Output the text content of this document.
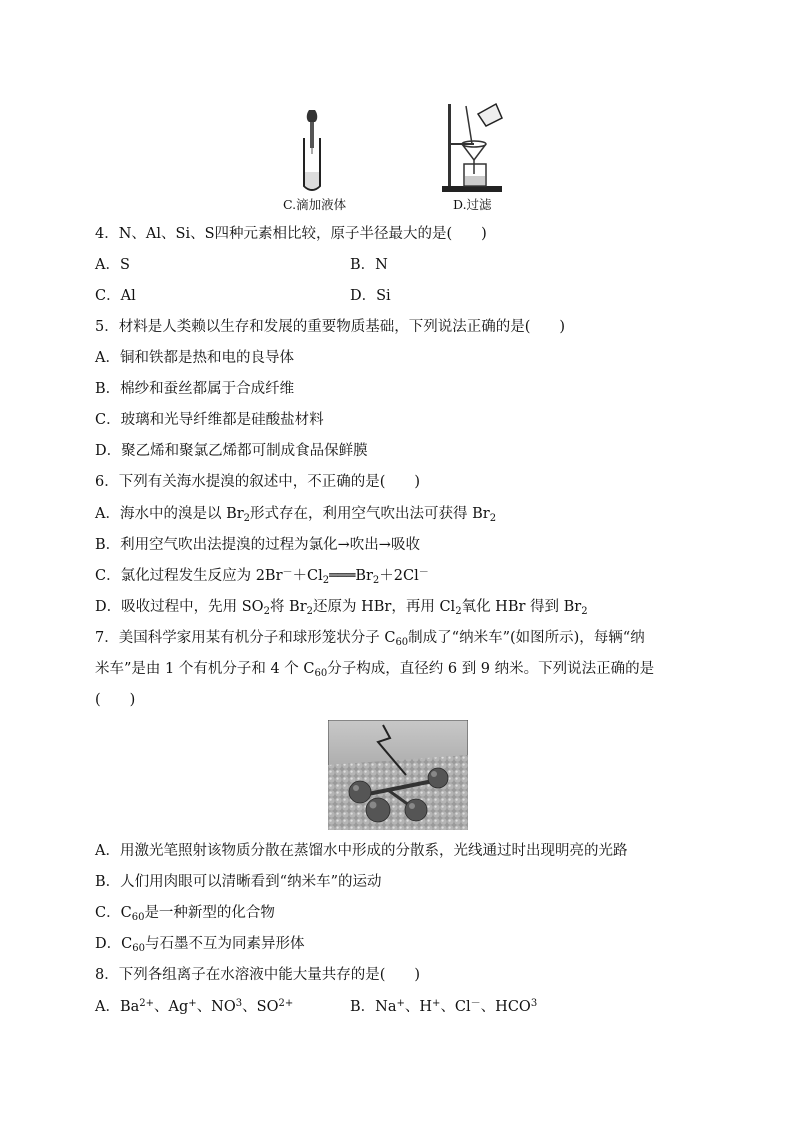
C.滴加液体	D.过滤
4．N、Al、Si、S四种元素相比较，原子半径最大的是(　　)
A．S	B．N
C．Al	D．Si
5．材料是人类赖以生存和发展的重要物质基础，下列说法正确的是(　　)
A．铜和铁都是热和电的良导体
B．棉纱和蚕丝都属于合成纤维
C．玻璃和光导纤维都是硅酸盐材料
D．聚乙烯和聚氯乙烯都可制成食品保鲜膜
6．下列有关海水提溴的叙述中，不正确的是(　　)
A．海水中的溴是以 $Br_2$形式存在，利用空气吹出法可获得 $Br_2$
B．利用空气吹出法提溴的过程为氯化→吹出→吸收
C．氯化过程发生反应为 $2Br^-+Cl_2═══Br_2+2Cl^-$
D．吸收过程中，先用 $SO_2$将 $Br_2$还原为 HBr，再用 $Cl_2$氧化 HBr 得到 $Br_2$
7．美国科学家用某有机分子和球形笼状分子 $C_{60}$制成了“纳米车”(如图所示)，每辆“纳
米车”是由 1 个有机分子和 4 个 $C_{60}$分子构成，直径约 6 到 9 纳米。下列说法正确的是
(　　)
A．用激光笔照射该物质分散在蒸馏水中形成的分散系，光线通过时出现明亮的光路
B．人们用肉眼可以清晰看到“纳米车”的运动
C．$C_{60}$是一种新型的化合物
D．$C_{60}$与石墨不互为同素异形体
8．下列各组离子在水溶液中能大量共存的是(　　)
A．$Ba^{2+}$、Ag+、$NO^3$、$SO^{2+}$	B．Na+、H+、Cl－、HCO$^3$
